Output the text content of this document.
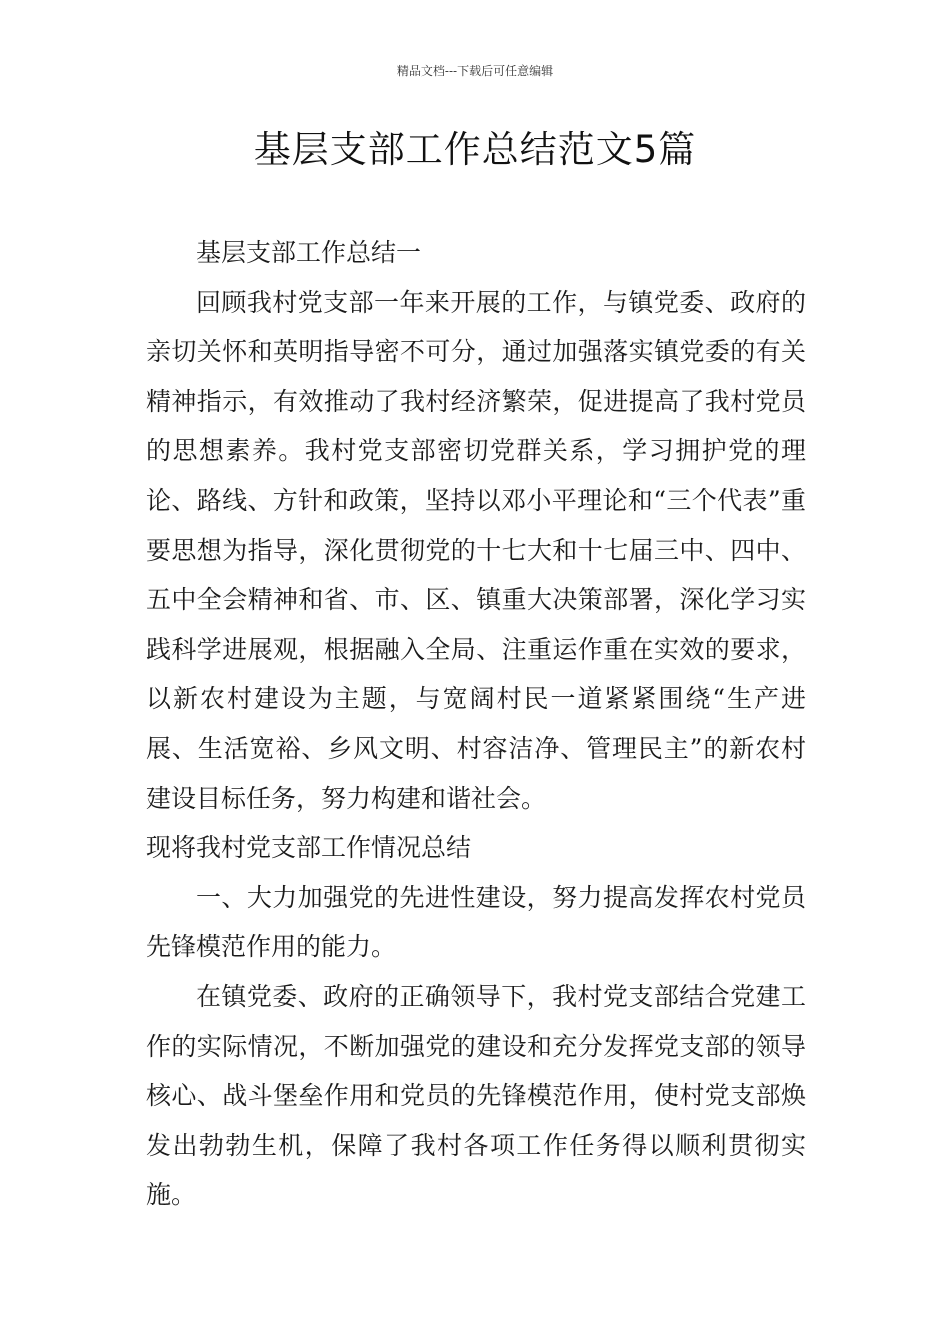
精品文档---下载后可任意编辑
基层支部工作总结范文5篇

基层支部工作总结一

回顾我村党支部一年来开展的工作，与镇党委、政府的亲切关怀和英明指导密不可分，通过加强落实镇党委的有关精神指示，有效推动了我村经济繁荣，促进提高了我村党员的思想素养。我村党支部密切党群关系，学习拥护党的理论、路线、方针和政策，坚持以邓小平理论和“三个代表”重要思想为指导，深化贯彻党的十七大和十七届三中、四中、五中全会精神和省、市、区、镇重大决策部署，深化学习实践科学进展观，根据融入全局、注重运作重在实效的要求，以新农村建设为主题，与宽阔村民一道紧紧围绕“生产进展、生活宽裕、乡风文明、村容洁净、管理民主”的新农村建设目标任务，努力构建和谐社会。

现将我村党支部工作情况总结

一、大力加强党的先进性建设，努力提高发挥农村党员先锋模范作用的能力。

在镇党委、政府的正确领导下，我村党支部结合党建工作的实际情况，不断加强党的建设和充分发挥党支部的领导核心、战斗堡垒作用和党员的先锋模范作用，使村党支部焕发出勃勃生机，保障了我村各项工作任务得以顺利贯彻实施。
